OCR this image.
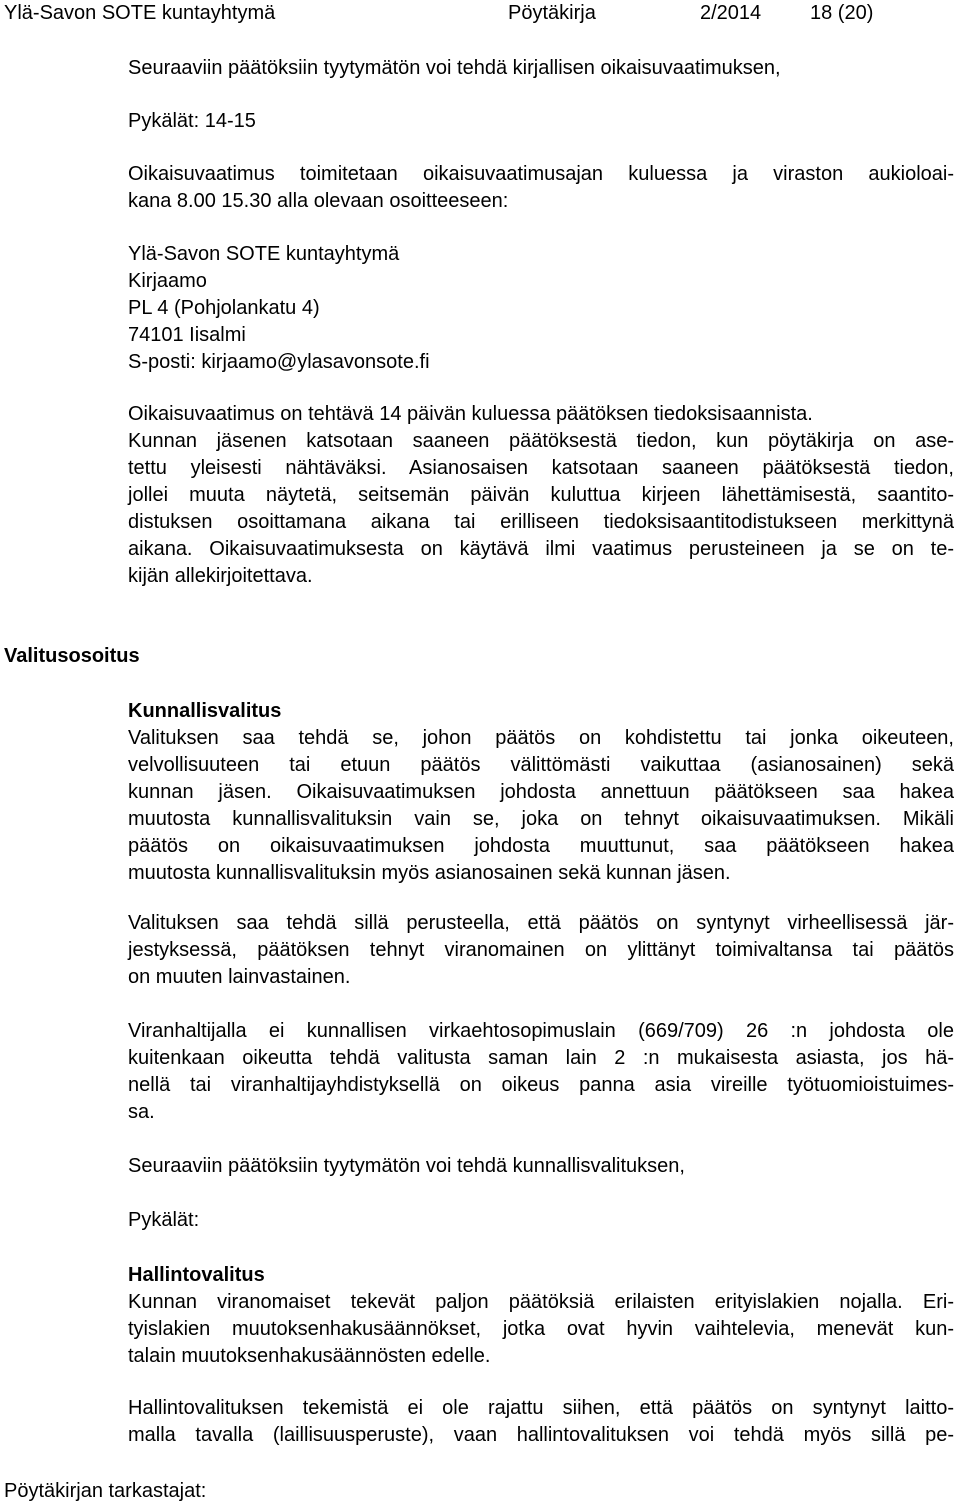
Ylä-Savon SOTE kuntayhtymä	Pöytäkirja	2/2014 18 (20)

Seuraaviin päätöksiin tyytymätön voi tehdä kirjallisen oikaisuvaatimuksen,

Pykälät: 14-15

Oikaisuvaatimus toimitetaan oikaisuvaatimusajan kuluessa ja viraston aukioloai-
kana 8.00 15.30 alla olevaan osoitteeseen:
Ylä-Savon SOTE kuntayhtymä
Kirjaamo
PL 4 (Pohjolankatu 4)
74101 Iisalmi
S-posti: kirjaamo@ylasavonsote.fi
Oikaisuvaatimus on tehtävä 14 päivän kuluessa päätöksen tiedoksisaannista.
Kunnan jäsenen katsotaan saaneen päätöksestä tiedon, kun pöytäkirja on ase-
tettu yleisesti nähtäväksi. Asianosaisen katsotaan saaneen päätöksestä tiedon,
jollei muuta näytetä, seitsemän päivän kuluttua kirjeen lähettämisestä, saantito-
distuksen osoittamana aikana tai erilliseen tiedoksisaantitodistukseen merkittynä
aikana. Oikaisuvaatimuksesta on käytävä ilmi vaatimus perusteineen ja se on te-
kijän allekirjoitettava.

Valitusosoitus

Kunnallisvalitus

Valituksen saa tehdä se, johon päätös on kohdistettu tai jonka oikeuteen,
velvollisuuteen tai etuun päätös välittömästi vaikuttaa (asianosainen) sekä
kunnan jäsen. Oikaisuvaatimuksen johdosta annettuun päätökseen saa hakea
muutosta kunnallisvalituksin vain se, joka on tehnyt oikaisuvaatimuksen. Mikäli
päätös on oikaisuvaatimuksen johdosta muuttunut, saa päätökseen hakea
muutosta kunnallisvalituksin myös asianosainen sekä kunnan jäsen.
Valituksen saa tehdä sillä perusteella, että päätös on syntynyt virheellisessä jär-
jestyksessä, päätöksen tehnyt viranomainen on ylittänyt toimivaltansa tai päätös
on muuten lainvastainen.
Viranhaltijalla ei kunnallisen virkaehtosopimuslain (669/709) 26 :n johdosta ole
kuitenkaan oikeutta tehdä valitusta saman lain 2 :n mukaisesta asiasta, jos hä-
nellä tai viranhaltijayhdistyksellä on oikeus panna asia vireille työtuomioistuimes-
sa.

Seuraaviin päätöksiin tyytymätön voi tehdä kunnallisvalituksen,

Pykälät:

Hallintovalitus

Kunnan viranomaiset tekevät paljon päätöksiä erilaisten erityislakien nojalla. Eri-
tyislakien muutoksenhakusäännökset, jotka ovat hyvin vaihtelevia, menevät kun-
talain muutoksenhakusäännösten edelle.
Hallintovalituksen tekemistä ei ole rajattu siihen, että päätös on syntynyt laitto-
malla tavalla (laillisuusperuste), vaan hallintovalituksen voi tehdä myös sillä pe-

Pöytäkirjan tarkastajat:
